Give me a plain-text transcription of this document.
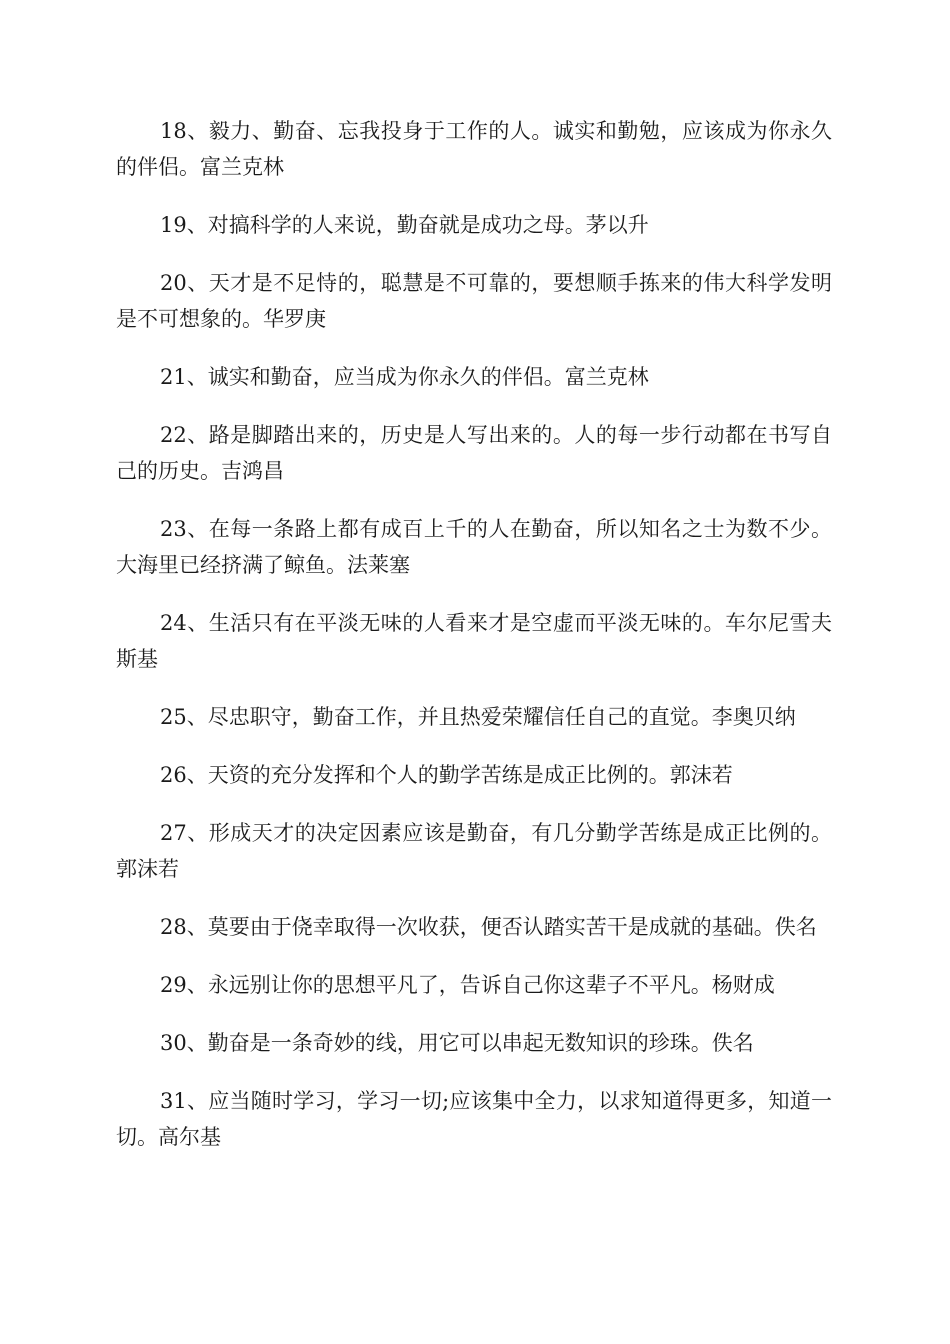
18、毅力、勤奋、忘我投身于工作的人。诚实和勤勉，应该成为你永久的伴侣。富兰克林

19、对搞科学的人来说，勤奋就是成功之母。茅以升

20、天才是不足恃的，聪慧是不可靠的，要想顺手拣来的伟大科学发明是不可想象的。华罗庚

21、诚实和勤奋，应当成为你永久的伴侣。富兰克林

22、路是脚踏出来的，历史是人写出来的。人的每一步行动都在书写自己的历史。吉鸿昌

23、在每一条路上都有成百上千的人在勤奋，所以知名之士为数不少。大海里已经挤满了鲸鱼。法莱塞

24、生活只有在平淡无味的人看来才是空虚而平淡无味的。车尔尼雪夫斯基

25、尽忠职守，勤奋工作，并且热爱荣耀信任自己的直觉。李奥贝纳

26、天资的充分发挥和个人的勤学苦练是成正比例的。郭沫若

27、形成天才的决定因素应该是勤奋，有几分勤学苦练是成正比例的。郭沫若

28、莫要由于侥幸取得一次收获，便否认踏实苦干是成就的基础。佚名

29、永远别让你的思想平凡了，告诉自己你这辈子不平凡。杨财成

30、勤奋是一条奇妙的线，用它可以串起无数知识的珍珠。佚名

31、应当随时学习，学习一切;应该集中全力，以求知道得更多，知道一切。高尔基
